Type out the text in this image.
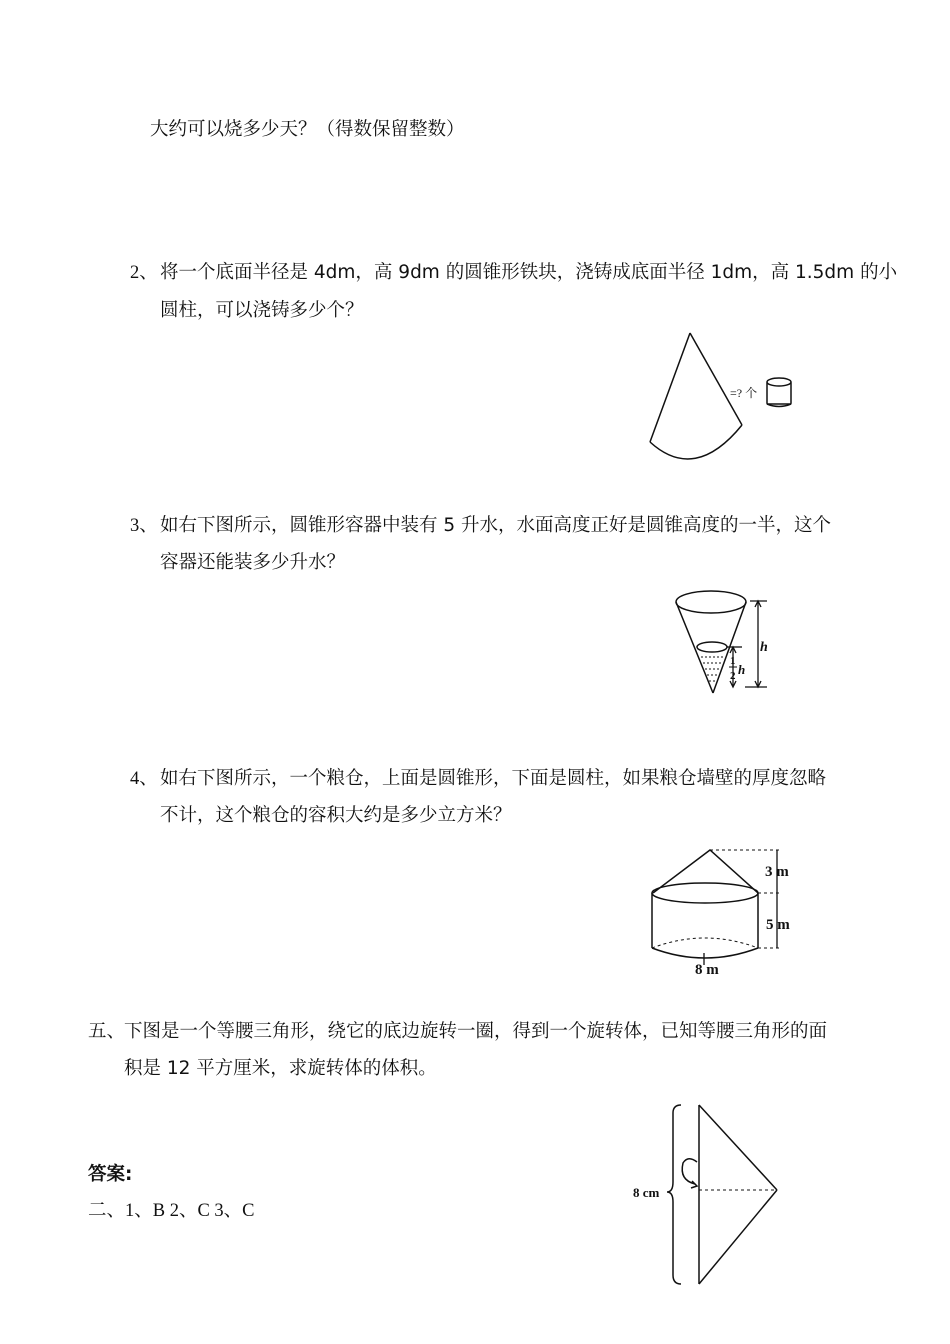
大约可以烧多少天？（得数保留整数）
2、 将一个底面半径是 4dm，高 9dm 的圆锥形铁块，浇铸成底面半径 1dm，高 1.5dm 的小
圆柱，可以浇铸多少个？
=? 个
3、 如右下图所示，圆锥形容器中装有 5 升水，水面高度正好是圆锥高度的一半，这个
容器还能装多少升水？
h
1
2 h
4、 如右下图所示，一个粮仓，上面是圆锥形，下面是圆柱，如果粮仓墙壁的厚度忽略
不计，这个粮仓的容积大约是多少立方米？
3 m
5 m
8 m
五、
下图是一个等腰三角形，绕它的底边旋转一圈，得到一个旋转体，已知等腰三角形的面
积是 12 平方厘米，求旋转体的体积。
8 cm
答案:
二、1、B 2、C 3、C
